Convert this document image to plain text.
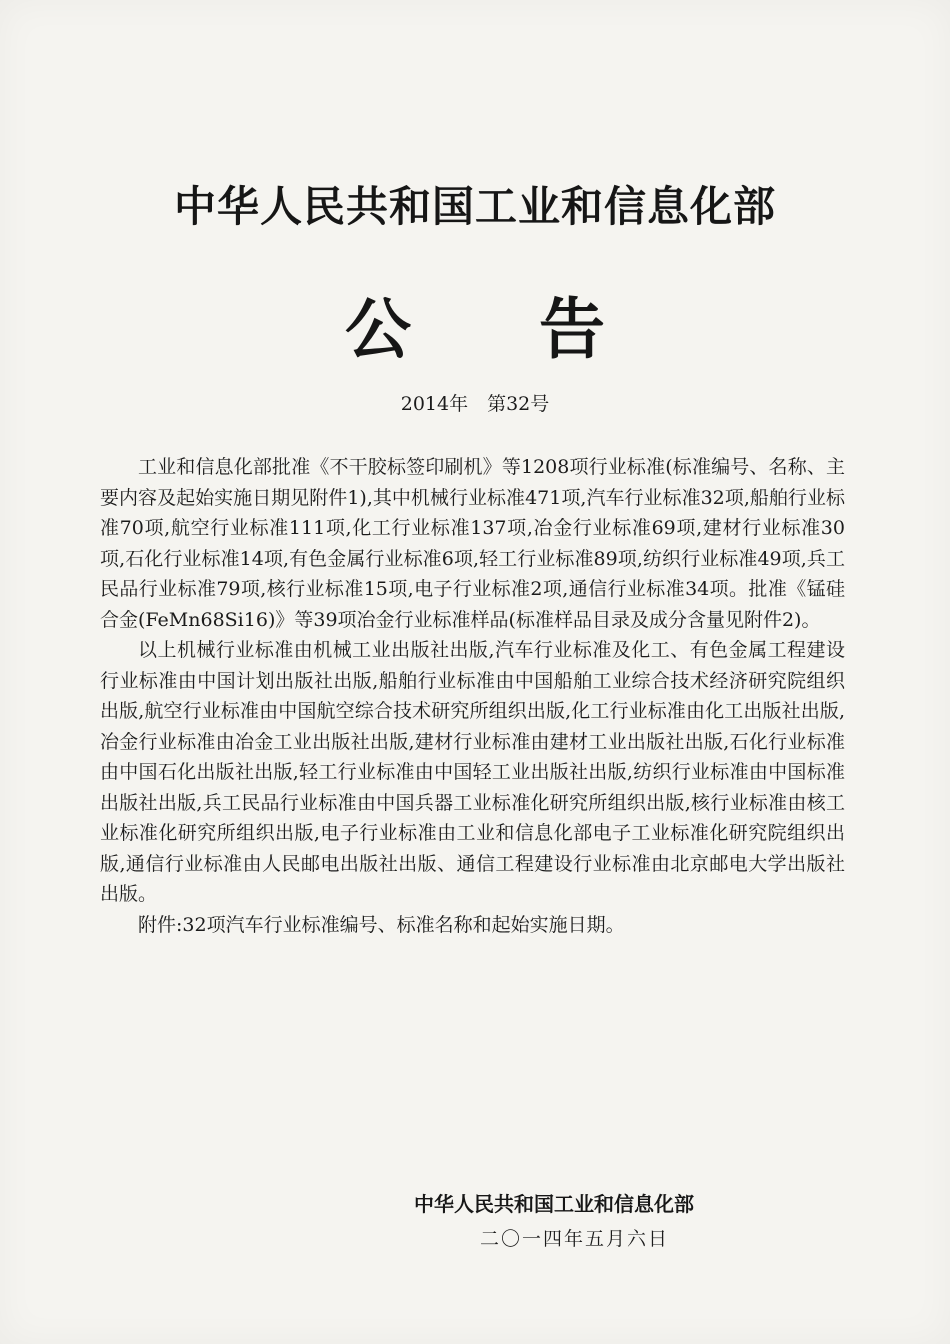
中华人民共和国工业和信息化部
公告
2014年　第32号

工业和信息化部批准《不干胶标签印刷机》等1208项行业标准(标准编号、名称、主要内容及起始实施日期见附件1),其中机械行业标准471项,汽车行业标准32项,船舶行业标准70项,航空行业标准111项,化工行业标准137项,冶金行业标准69项,建材行业标准30项,石化行业标准14项,有色金属行业标准6项,轻工行业标准89项,纺织行业标准49项,兵工民品行业标准79项,核行业标准15项,电子行业标准2项,通信行业标准34项。批准《锰硅合金(FeMn68Si16)》等39项冶金行业标准样品(标准样品目录及成分含量见附件2)。

以上机械行业标准由机械工业出版社出版,汽车行业标准及化工、有色金属工程建设行业标准由中国计划出版社出版,船舶行业标准由中国船舶工业综合技术经济研究院组织出版,航空行业标准由中国航空综合技术研究所组织出版,化工行业标准由化工出版社出版,冶金行业标准由冶金工业出版社出版,建材行业标准由建材工业出版社出版,石化行业标准由中国石化出版社出版,轻工行业标准由中国轻工业出版社出版,纺织行业标准由中国标准出版社出版,兵工民品行业标准由中国兵器工业标准化研究所组织出版,核行业标准由核工业标准化研究所组织出版,电子行业标准由工业和信息化部电子工业标准化研究院组织出版,通信行业标准由人民邮电出版社出版、通信工程建设行业标准由北京邮电大学出版社出版。

附件:32项汽车行业标准编号、标准名称和起始实施日期。

中华人民共和国工业和信息化部
二〇一四年五月六日
